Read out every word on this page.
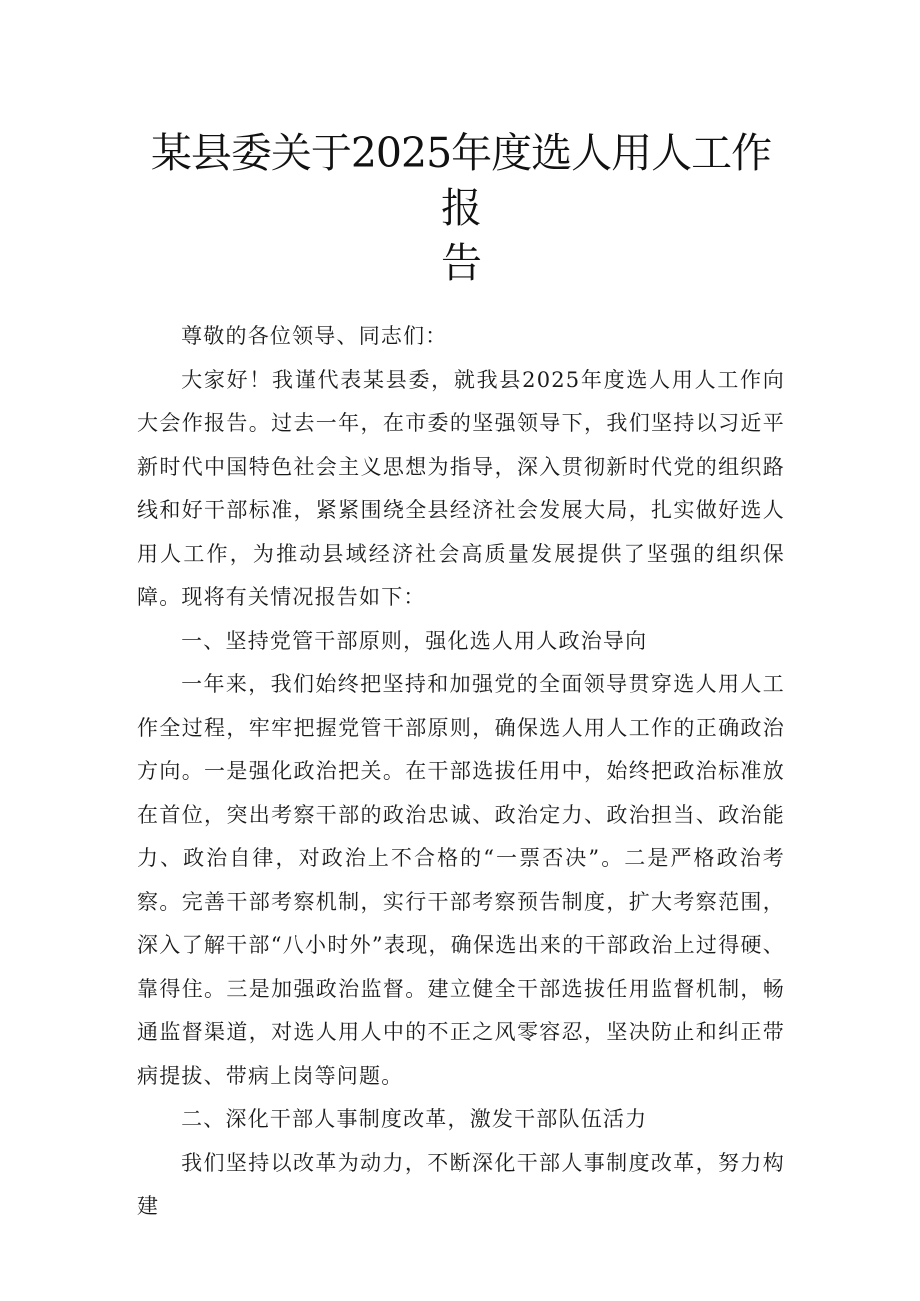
某县委关于2025年度选人用人工作报
告

尊敬的各位领导、同志们：

大家好！我谨代表某县委，就我县2025年度选人用人工作向大会作报告。过去一年，在市委的坚强领导下，我们坚持以习近平新时代中国特色社会主义思想为指导，深入贯彻新时代党的组织路线和好干部标准，紧紧围绕全县经济社会发展大局，扎实做好选人用人工作，为推动县域经济社会高质量发展提供了坚强的组织保障。现将有关情况报告如下：

一、坚持党管干部原则，强化选人用人政治导向

一年来，我们始终把坚持和加强党的全面领导贯穿选人用人工作全过程，牢牢把握党管干部原则，确保选人用人工作的正确政治方向。一是强化政治把关。在干部选拔任用中，始终把政治标准放在首位，突出考察干部的政治忠诚、政治定力、政治担当、政治能力、政治自律，对政治上不合格的“一票否决”。二是严格政治考察。完善干部考察机制，实行干部考察预告制度，扩大考察范围，深入了解干部“八小时外”表现，确保选出来的干部政治上过得硬、靠得住。三是加强政治监督。建立健全干部选拔任用监督机制，畅通监督渠道，对选人用人中的不正之风零容忍，坚决防止和纠正带病提拔、带病上岗等问题。

二、深化干部人事制度改革，激发干部队伍活力

我们坚持以改革为动力，不断深化干部人事制度改革，努力构建
